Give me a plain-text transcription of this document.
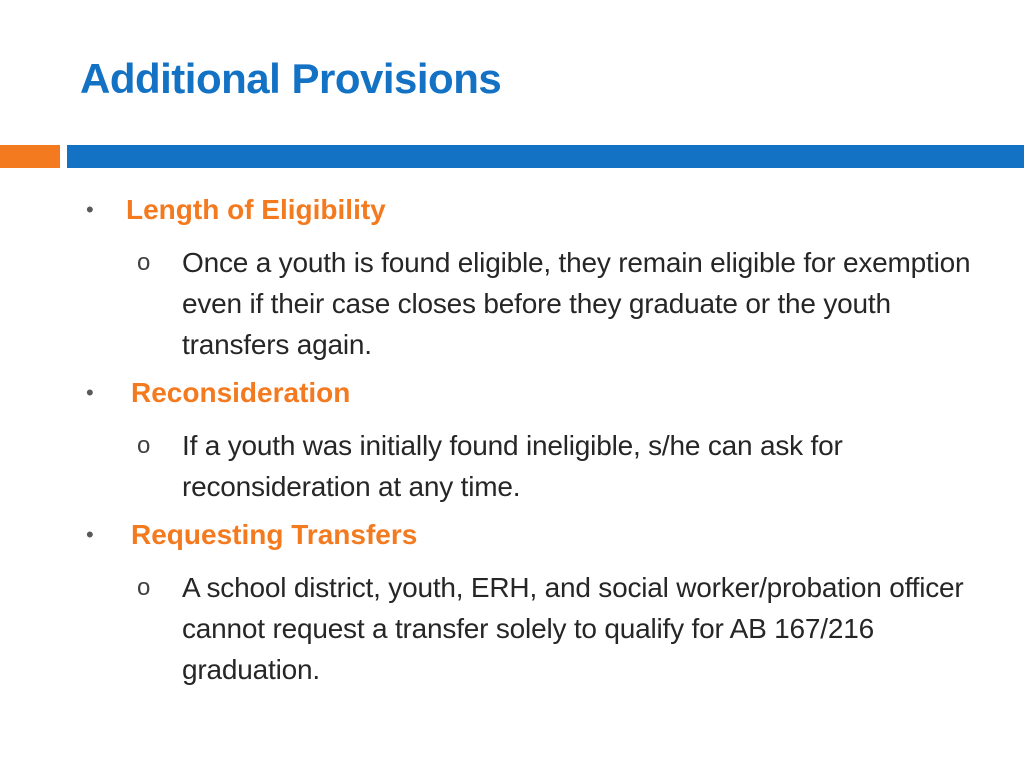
Additional Provisions
• Length of Eligibility
o Once a youth is found eligible, they remain eligible for exemption even if their case closes before they graduate or the youth transfers again.
• Reconsideration
o If a youth was initially found ineligible, s/he can ask for reconsideration at any time.
• Requesting Transfers
o A school district, youth, ERH, and social worker/probation officer cannot request a transfer solely to qualify for AB 167/216 graduation.
